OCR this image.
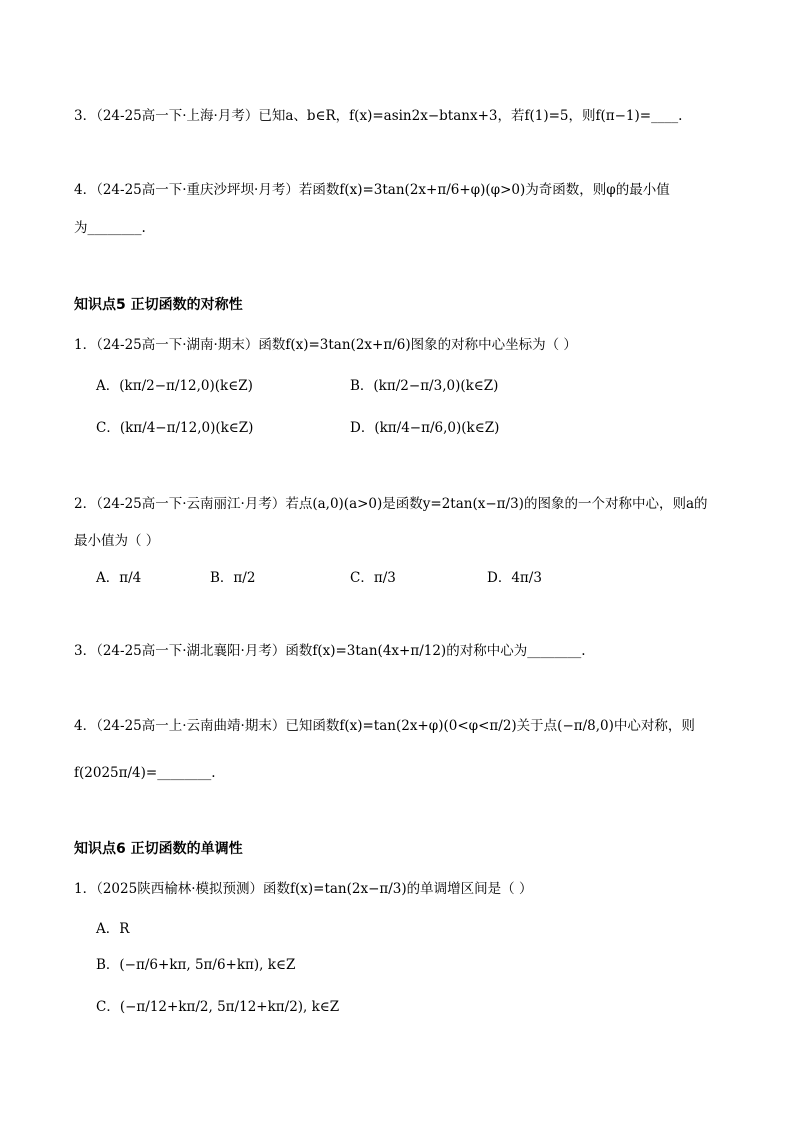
3．（24-25高一下·上海·月考）已知a、b∈R，f(x)=asin2x−btanx+3，若f(1)=5，则f(π−1)=____.
4．（24-25高一下·重庆沙坪坝·月考）若函数f(x)=3tan(2x+π/6+φ)(φ>0)为奇函数，则φ的最小值
为________.
知识点5 正切函数的对称性
1．（24-25高一下·湖南·期末）函数f(x)=3tan(2x+π/6)图象的对称中心坐标为（ ）
A．(kπ/2−π/12,0)(k∈Z)	B．(kπ/2−π/3,0)(k∈Z)
C．(kπ/4−π/12,0)(k∈Z)	D．(kπ/4−π/6,0)(k∈Z)
2．（24-25高一下·云南丽江·月考）若点(a,0)(a>0)是函数y=2tan(x−π/3)的图象的一个对称中心，则a的
最小值为（ ）
A．π/4	B．π/2	C．π/3	D．4π/3
3．（24-25高一下·湖北襄阳·月考）函数f(x)=3tan(4x+π/12)的对称中心为________.
4．（24-25高一上·云南曲靖·期末）已知函数f(x)=tan(2x+φ)(0<φ<π/2)关于点(−π/8,0)中心对称，则
f(2025π/4)=________.
知识点6 正切函数的单调性
1．（2025陕西榆林·模拟预测）函数f(x)=tan(2x−π/3)的单调增区间是（ ）
A．R
B．(−π/6+kπ, 5π/6+kπ), k∈Z
C．(−π/12+kπ/2, 5π/12+kπ/2), k∈Z
